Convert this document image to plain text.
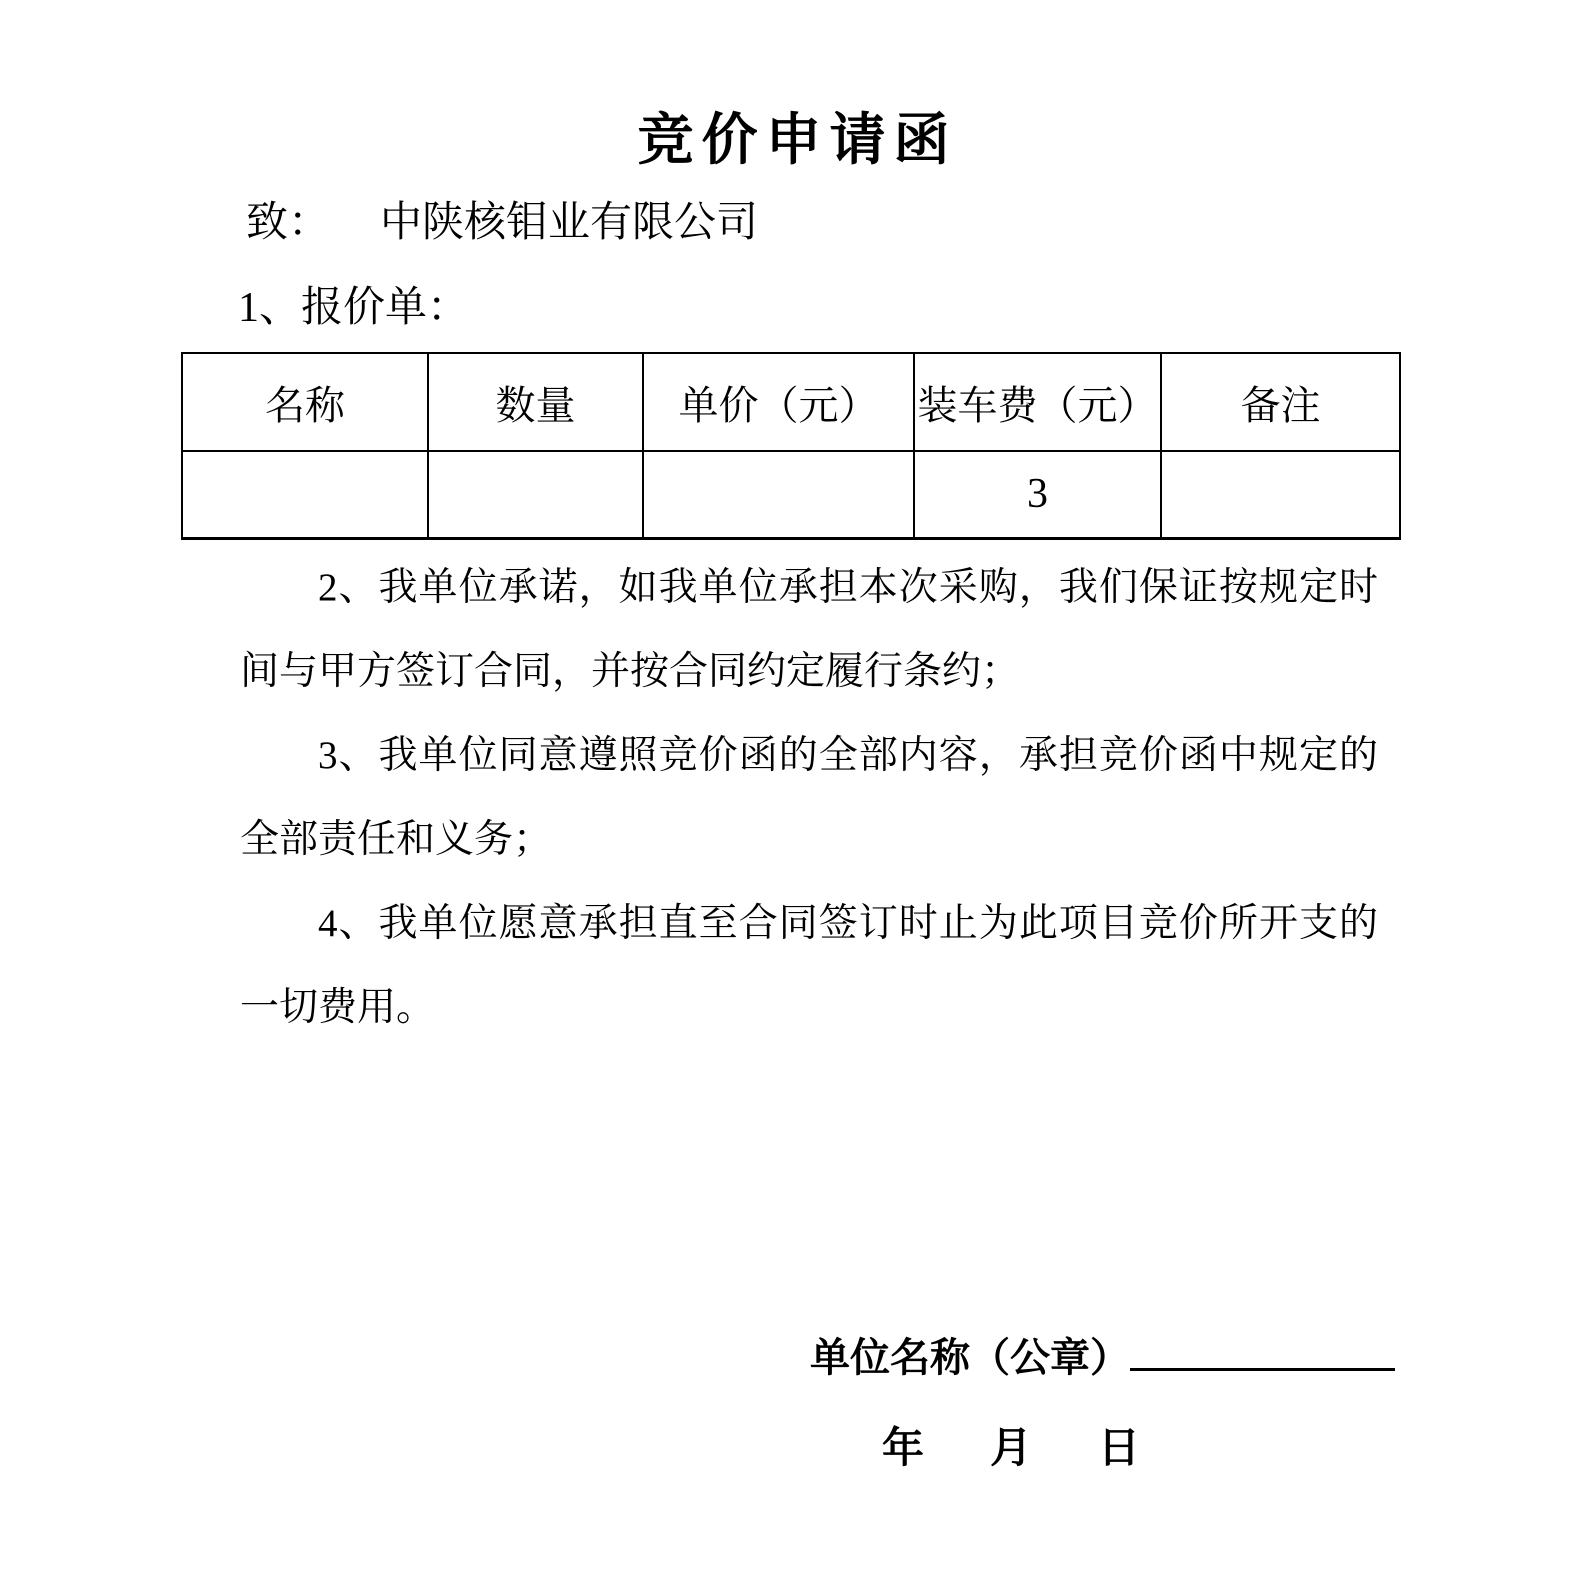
竞价申请函
致： 中陕核钼业有限公司
1、报价单：
名称	数量	单价（元）	装车费（元）	备注
			3	

2、我单位承诺，如我单位承担本次采购，我们保证按规定时间与甲方签订合同，并按合同约定履行条约；

3、我单位同意遵照竞价函的全部内容，承担竞价函中规定的全部责任和义务；

4、我单位愿意承担直至合同签订时止为此项目竞价所开支的一切费用。

单位名称（公章）
年 月 日
